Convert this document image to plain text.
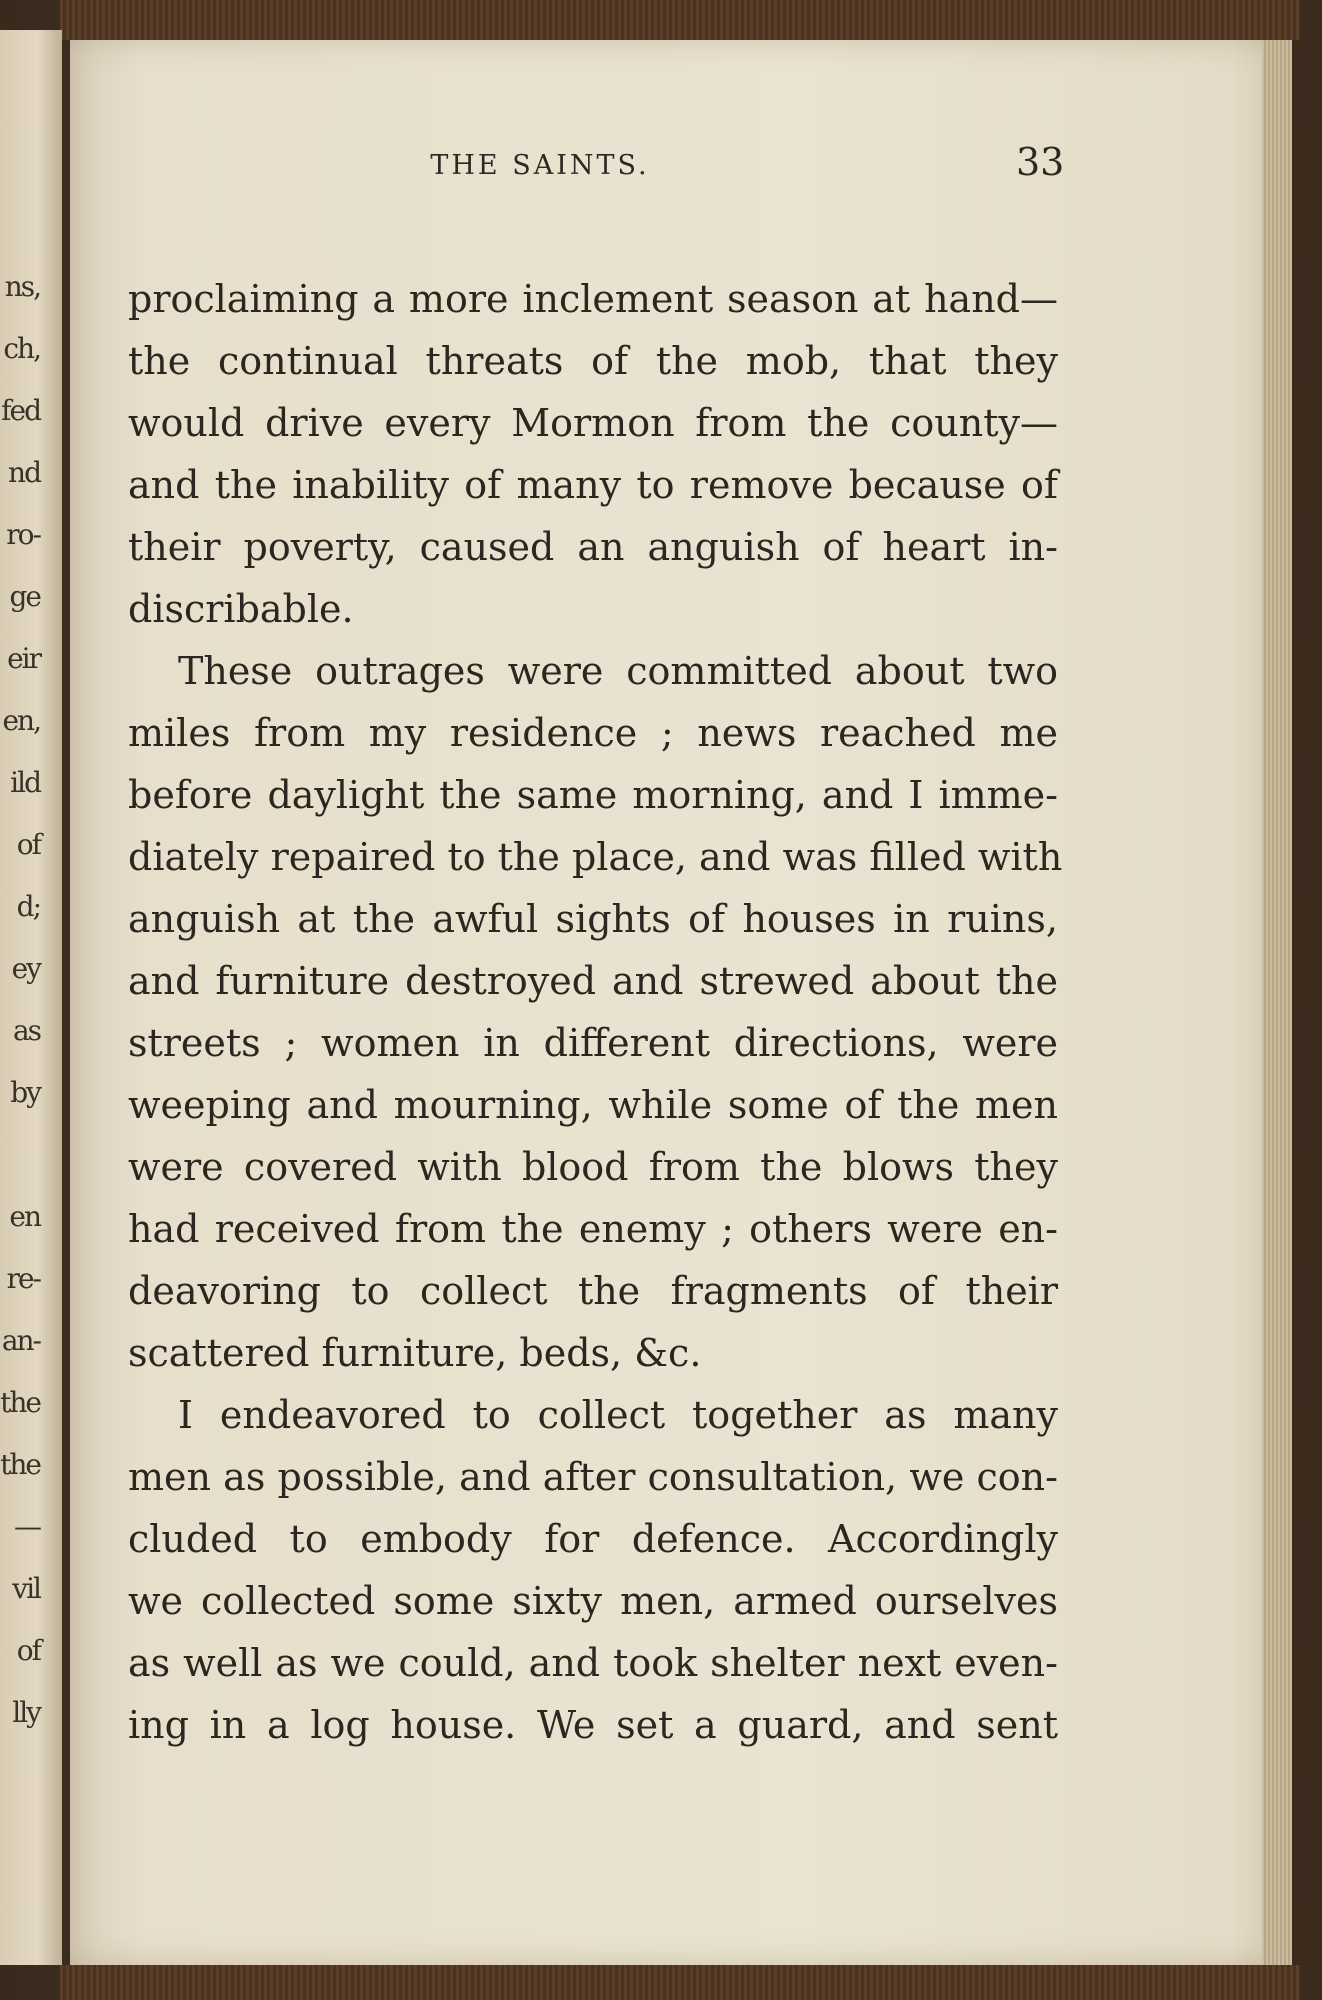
ns,
ch,
fed
nd
ro-
ge
eir
en,
ild
of
d;
ey
as
by
en
re-
an-
the
the
—
vil
of
lly
THE SAINTS.	33
proclaiming a more inclement season at hand—
the continual threats of the mob, that they
would drive every Mormon from the county—
and the inability of many to remove because of
their poverty, caused an anguish of heart in-
discribable.
These outrages were committed about two
miles from my residence ; news reached me
before daylight the same morning, and I imme-
diately repaired to the place, and was filled with
anguish at the awful sights of houses in ruins,
and furniture destroyed and strewed about the
streets ; women in different directions, were
weeping and mourning, while some of the men
were covered with blood from the blows they
had received from the enemy ; others were en-
deavoring to collect the fragments of their
scattered furniture, beds, &c.
I endeavored to collect together as many
men as possible, and after consultation, we con-
cluded to embody for defence. Accordingly
we collected some sixty men, armed ourselves
as well as we could, and took shelter next even-
ing in a log house. We set a guard, and sent
